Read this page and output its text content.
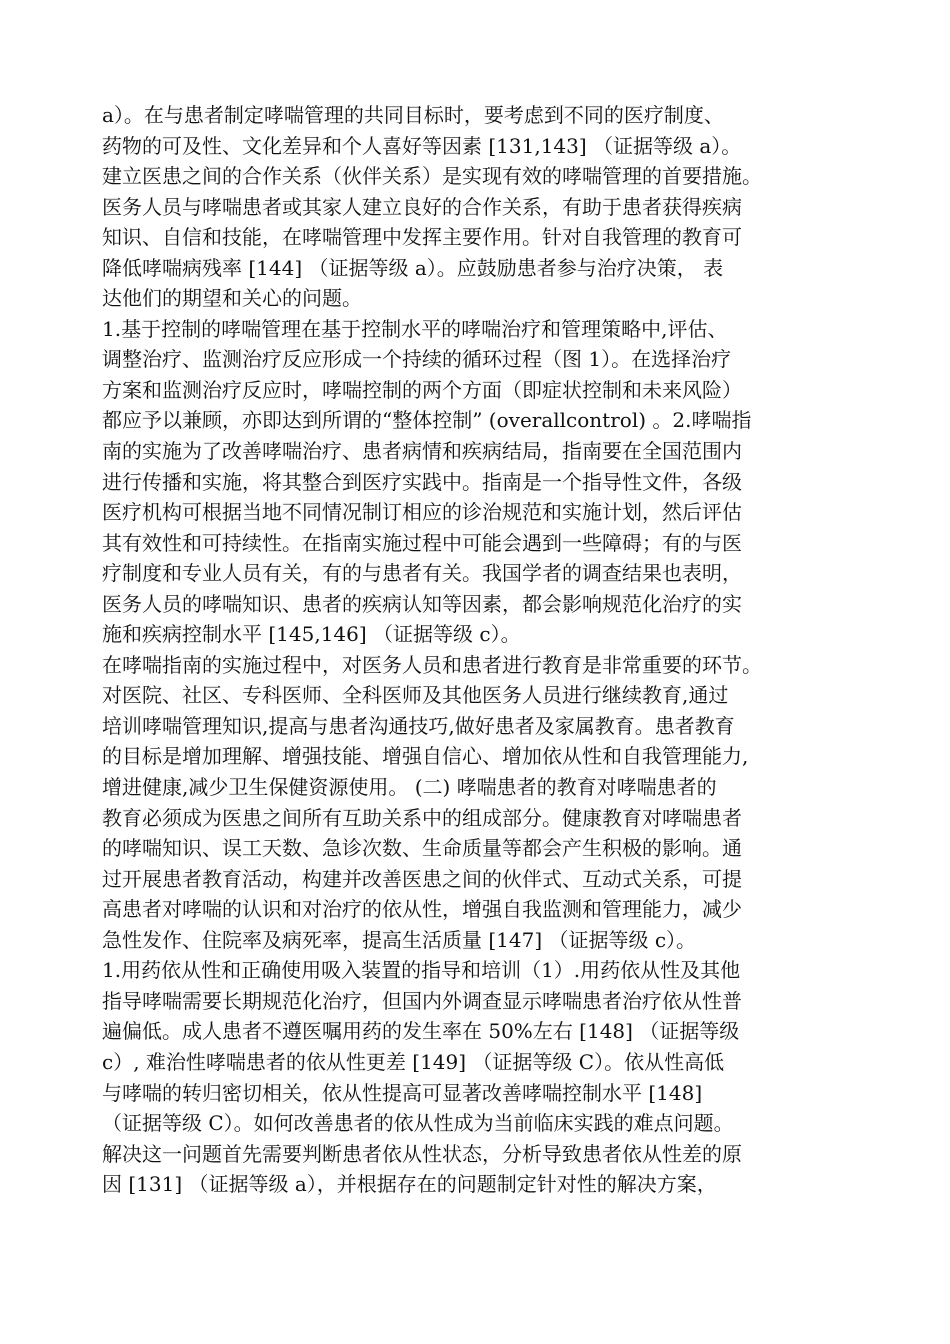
a）。在与患者制定哮喘管理的共同目标时，要考虑到不同的医疗制度、
药物的可及性、文化差异和个人喜好等因素 [131,143] （证据等级 a）。
建立医患之间的合作关系（伙伴关系）是实现有效的哮喘管理的首要措施。
医务人员与哮喘患者或其家人建立良好的合作关系，有助于患者获得疾病
知识、自信和技能，在哮喘管理中发挥主要作用。针对自我管理的教育可
降低哮喘病残率 [144] （证据等级 a）。应鼓励患者参与治疗决策， 表
达他们的期望和关心的问题。
1.基于控制的哮喘管理在基于控制水平的哮喘治疗和管理策略中,评估、
调整治疗、监测治疗反应形成一个持续的循环过程（图 1）。在选择治疗
方案和监测治疗反应时，哮喘控制的两个方面（即症状控制和未来风险）
都应予以兼顾，亦即达到所谓的“整体控制” (overallcontrol) 。2.哮喘指
南的实施为了改善哮喘治疗、患者病情和疾病结局，指南要在全国范围内
进行传播和实施，将其整合到医疗实践中。指南是一个指导性文件，各级
医疗机构可根据当地不同情况制订相应的诊治规范和实施计划，然后评估
其有效性和可持续性。在指南实施过程中可能会遇到一些障碍；有的与医
疗制度和专业人员有关，有的与患者有关。我国学者的调查结果也表明，
医务人员的哮喘知识、患者的疾病认知等因素，都会影响规范化治疗的实
施和疾病控制水平 [145,146] （证据等级 c）。
在哮喘指南的实施过程中，对医务人员和患者进行教育是非常重要的环节。
对医院、社区、专科医师、全科医师及其他医务人员进行继续教育,通过
培训哮喘管理知识,提高与患者沟通技巧,做好患者及家属教育。患者教育
的目标是增加理解、增强技能、增强自信心、增加依从性和自我管理能力,
增进健康,减少卫生保健资源使用。 (二) 哮喘患者的教育对哮喘患者的
教育必须成为医患之间所有互助关系中的组成部分。健康教育对哮喘患者
的哮喘知识、误工天数、急诊次数、生命质量等都会产生积极的影响。通
过开展患者教育活动，构建并改善医患之间的伙伴式、互动式关系，可提
高患者对哮喘的认识和对治疗的依从性，增强自我监测和管理能力，减少
急性发作、住院率及病死率，提高生活质量 [147] （证据等级 c）。
1.用药依从性和正确使用吸入装置的指导和培训（1）.用药依从性及其他
指导哮喘需要长期规范化治疗，但国内外调查显示哮喘患者治疗依从性普
遍偏低。成人患者不遵医嘱用药的发生率在 50%左右 [148] （证据等级
c）, 难治性哮喘患者的依从性更差 [149] （证据等级 C）。依从性高低
与哮喘的转归密切相关，依从性提高可显著改善哮喘控制水平 [148]
（证据等级 C）。如何改善患者的依从性成为当前临床实践的难点问题。
解决这一问题首先需要判断患者依从性状态，分析导致患者依从性差的原
因 [131] （证据等级 a），并根据存在的问题制定针对性的解决方案，
